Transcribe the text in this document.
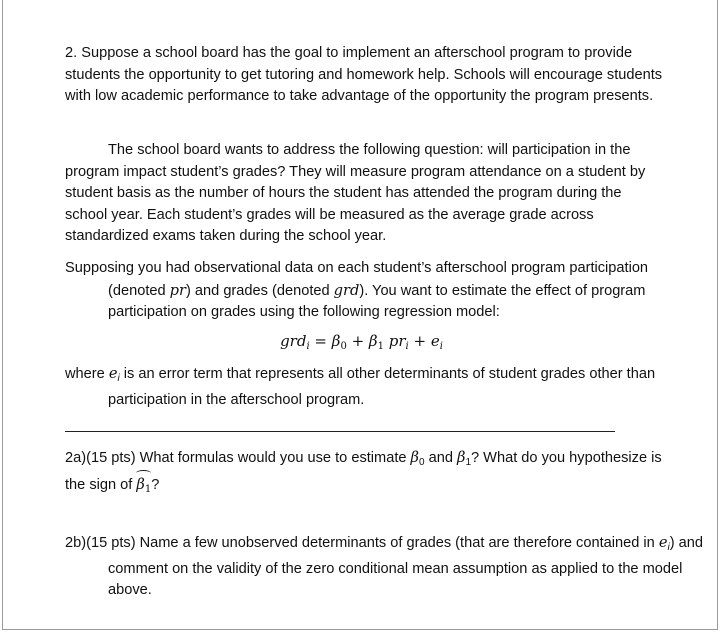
2. Suppose a school board has the goal to implement an afterschool program to provide students the opportunity to get tutoring and homework help. Schools will encourage students with low academic performance to take advantage of the opportunity the program presents.

The school board wants to address the following question: will participation in the program impact student’s grades? They will measure program attendance on a student by student basis as the number of hours the student has attended the program during the school year. Each student’s grades will be measured as the average grade across standardized exams taken during the school year.

Supposing you had observational data on each student’s afterschool program participation (denoted pr) and grades (denoted grd). You want to estimate the effect of program participation on grades using the following regression model:

$grd_i = \beta_0 + \beta_1$ $pr_i + e_i$

where $e_i$ is an error term that represents all other determinants of student grades other than participation in the afterschool program.

2a)(15 pts) What formulas would you use to estimate $\beta_0$ and $\beta_1$? What do you hypothesize is the sign of $\beta_1$?

2b)(15 pts) Name a few unobserved determinants of grades (that are therefore contained in $e_i$) and comment on the validity of the zero conditional mean assumption as applied to the model above.
